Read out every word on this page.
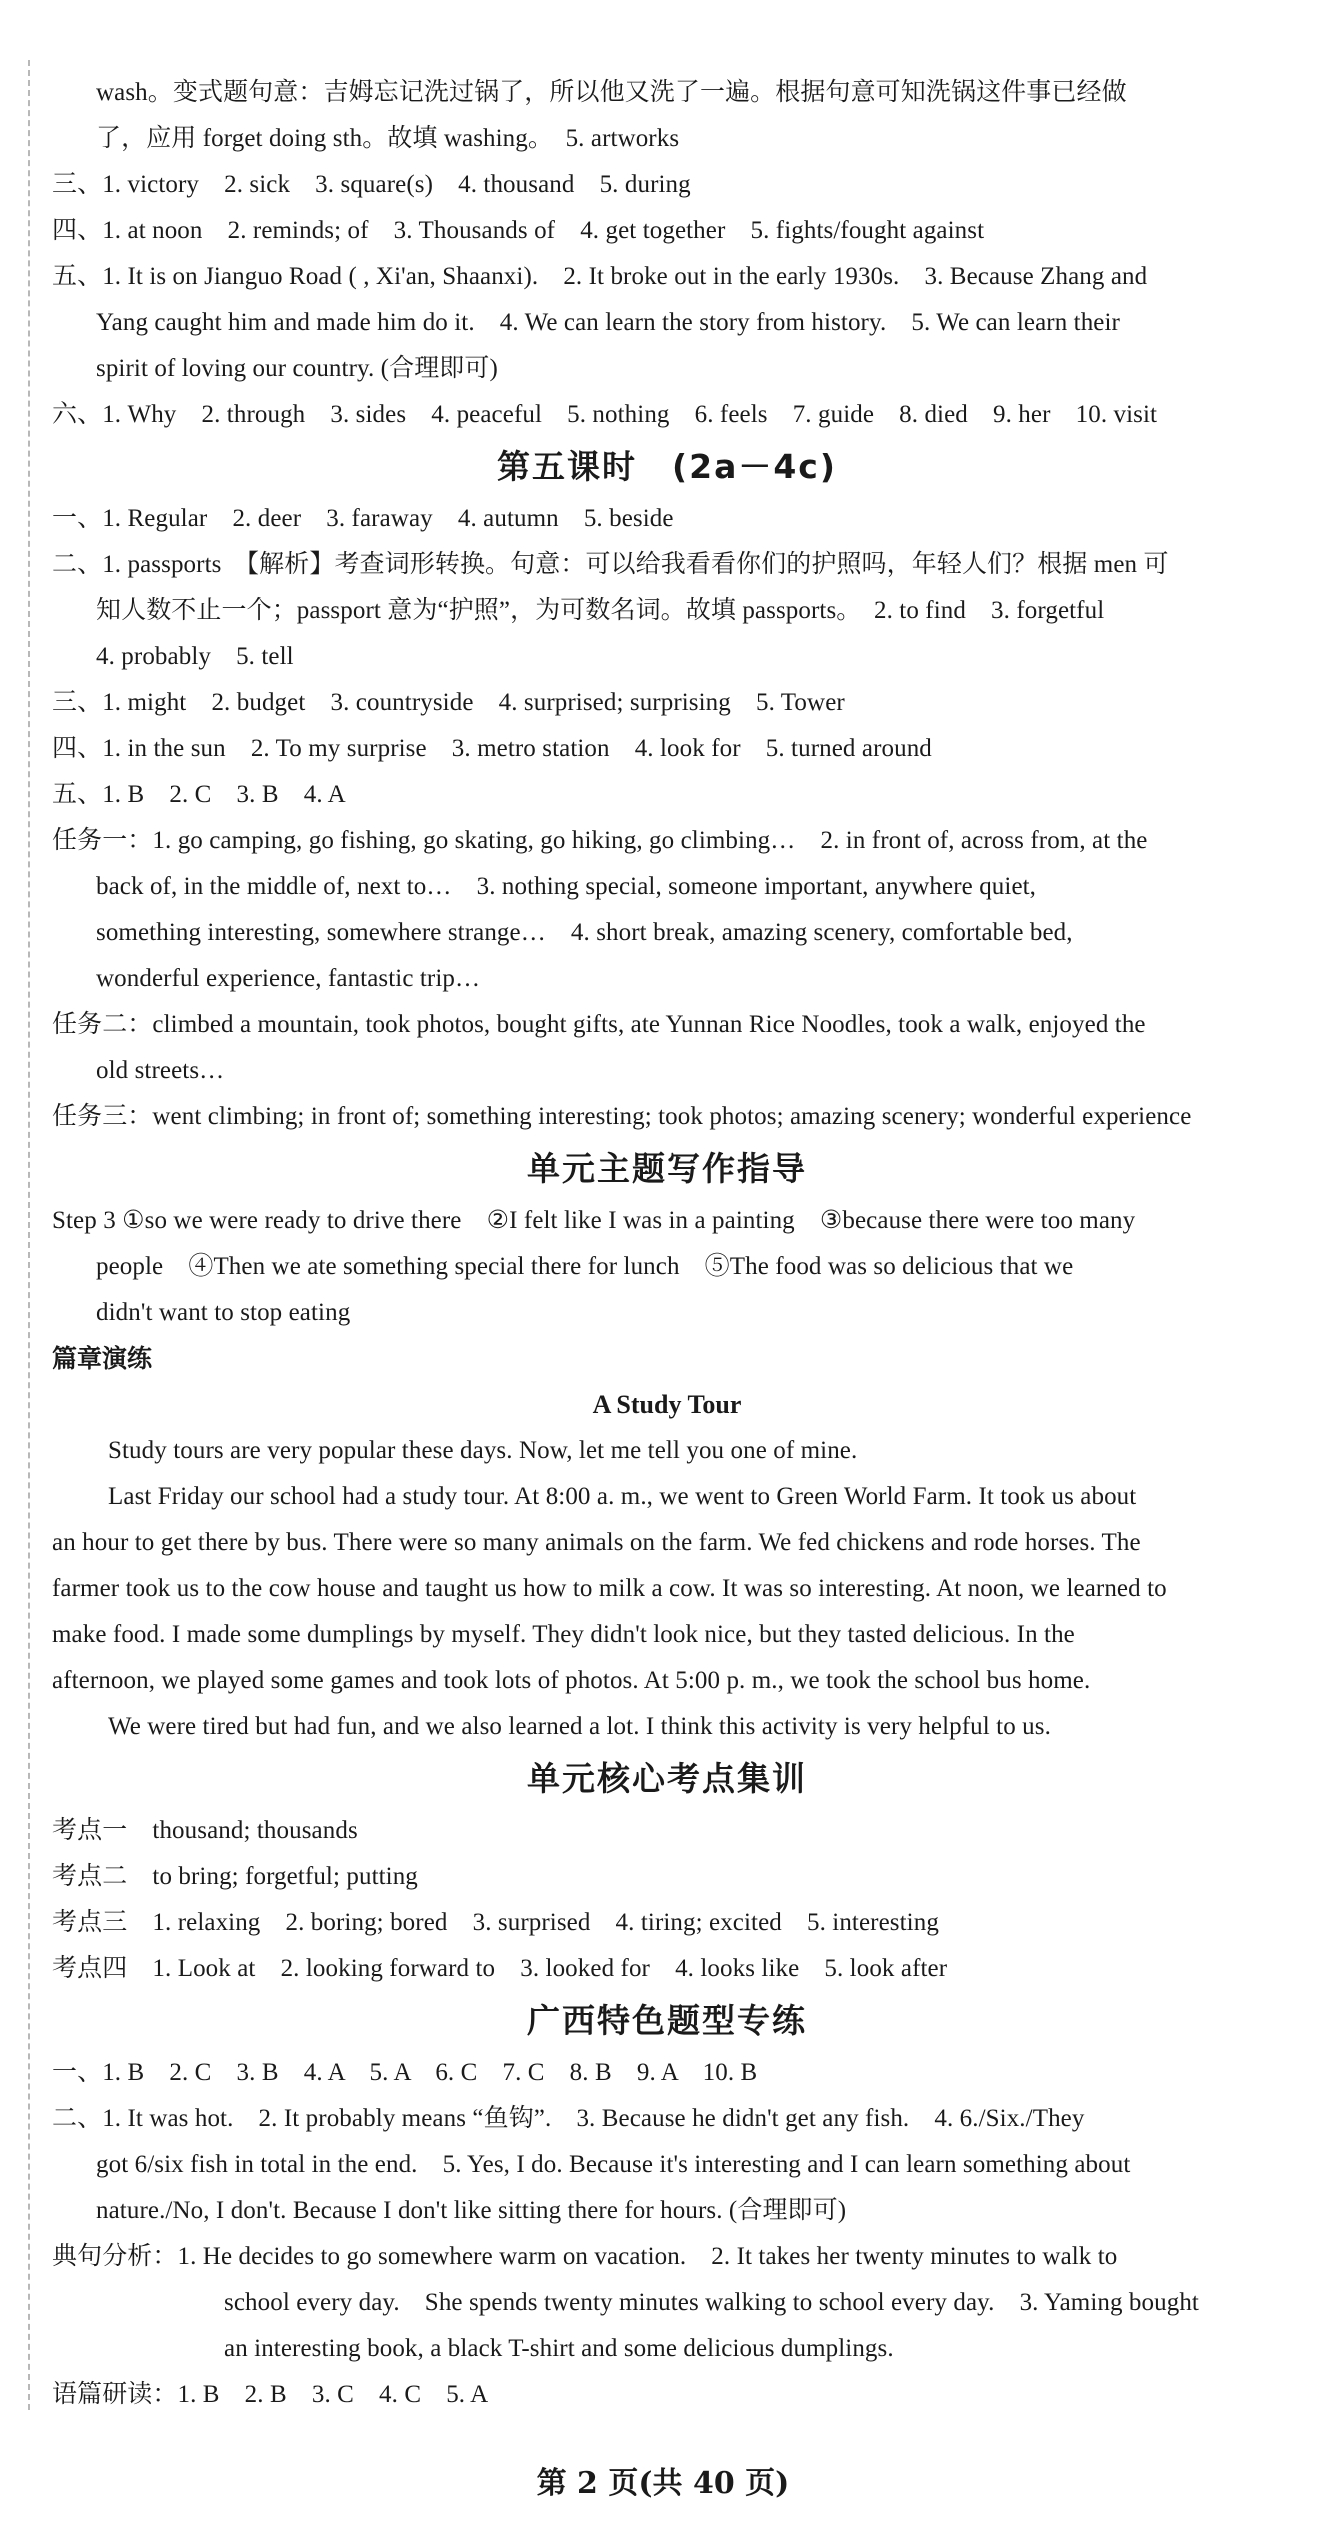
wash。变式题句意：吉姆忘记洗过锅了，所以他又洗了一遍。根据句意可知洗锅这件事已经做
了，应用 forget doing sth。故填 washing。　5. artworks
三、1. victory　2. sick　3. square(s)　4. thousand　5. during
四、1. at noon　2. reminds; of　3. Thousands of　4. get together　5. fights/fought against
五、1. It is on Jianguo Road ( , Xi'an, Shaanxi).　2. It broke out in the early 1930s.　3. Because Zhang and
Yang caught him and made him do it.　4. We can learn the story from history.　5. We can learn their
spirit of loving our country. (合理即可)
六、1. Why　2. through　3. sides　4. peaceful　5. nothing　6. feels　7. guide　8. died　9. her　10. visit
第五课时　(2a－4c)
一、1. Regular　2. deer　3. faraway　4. autumn　5. beside
二、1. passports　【解析】考查词形转换。句意：可以给我看看你们的护照吗，年轻人们？根据 men 可
知人数不止一个；passport 意为“护照”，为可数名词。故填 passports。　2. to find　3. forgetful
4. probably　5. tell
三、1. might　2. budget　3. countryside　4. surprised; surprising　5. Tower
四、1. in the sun　2. To my surprise　3. metro station　4. look for　5. turned around
五、1. B　2. C　3. B　4. A
任务一：1. go camping, go fishing, go skating, go hiking, go climbing…　2. in front of, across from, at the
back of, in the middle of, next to…　3. nothing special, someone important, anywhere quiet,
something interesting, somewhere strange…　4. short break, amazing scenery, comfortable bed,
wonderful experience, fantastic trip…
任务二：climbed a mountain, took photos, bought gifts, ate Yunnan Rice Noodles, took a walk, enjoyed the
old streets…
任务三：went climbing; in front of; something interesting; took photos; amazing scenery; wonderful experience
单元主题写作指导
Step 3 ①so we were ready to drive there　②I felt like I was in a painting　③because there were too many
people　④Then we ate something special there for lunch　⑤The food was so delicious that we
didn't want to stop eating
篇章演练
A Study Tour
Study tours are very popular these days. Now, let me tell you one of mine.
Last Friday our school had a study tour. At 8:00 a. m., we went to Green World Farm. It took us about
an hour to get there by bus. There were so many animals on the farm. We fed chickens and rode horses. The
farmer took us to the cow house and taught us how to milk a cow. It was so interesting. At noon, we learned to
make food. I made some dumplings by myself. They didn't look nice, but they tasted delicious. In the
afternoon, we played some games and took lots of photos. At 5:00 p. m., we took the school bus home.
We were tired but had fun, and we also learned a lot. I think this activity is very helpful to us.
单元核心考点集训
考点一　thousand; thousands
考点二　to bring; forgetful; putting
考点三　1. relaxing　2. boring; bored　3. surprised　4. tiring; excited　5. interesting
考点四　1. Look at　2. looking forward to　3. looked for　4. looks like　5. look after
广西特色题型专练
一、1. B　2. C　3. B　4. A　5. A　6. C　7. C　8. B　9. A　10. B
二、1. It was hot.　2. It probably means “鱼钩”.　3. Because he didn't get any fish.　4. 6./Six./They
got 6/six fish in total in the end.　5. Yes, I do. Because it's interesting and I can learn something about
nature./No, I don't. Because I don't like sitting there for hours. (合理即可)
典句分析：1. He decides to go somewhere warm on vacation.　2. It takes her twenty minutes to walk to
school every day.　She spends twenty minutes walking to school every day.　3. Yaming bought
an interesting book, a black T-shirt and some delicious dumplings.
语篇研读：1. B　2. B　3. C　4. C　5. A
第 2 页(共 40 页)
